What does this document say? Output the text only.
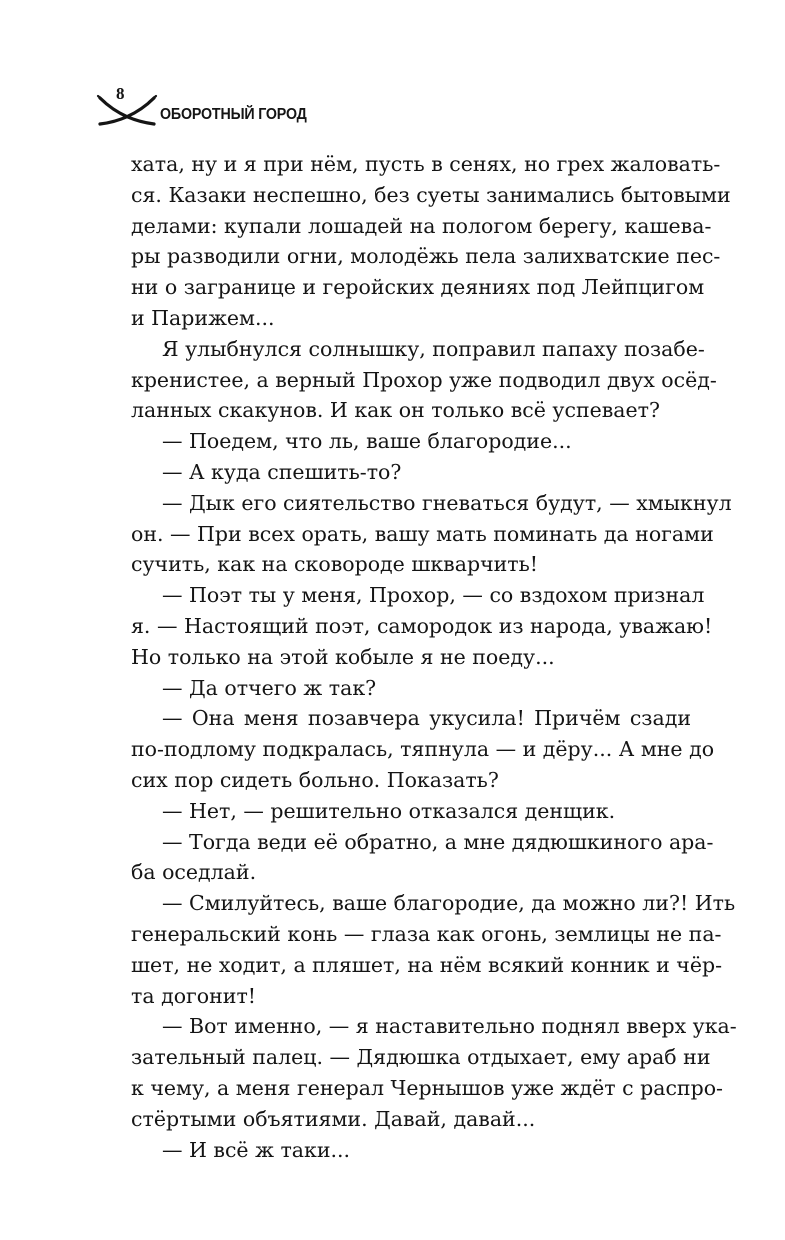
8
ОБОРОТНЫЙ ГОРОД
хата, ну и я при нём, пусть в сенях, но грех жаловать-
ся. Казаки неспешно, без суеты занимались бытовыми
делами: купали лошадей на пологом берегу, кашева-
ры разводили огни, молодёжь пела залихватские пес-
ни о загранице и геройских деяниях под Лейпцигом
и Парижем...
Я улыбнулся солнышку, поправил папаху позабе-
кренистее, а верный Прохор уже подводил двух осёд-
ланных скакунов. И как он только всё успевает?
— Поедем, что ль, ваше благородие...
— А куда спешить-то?
— Дык его сиятельство гневаться будут, — хмыкнул
он. — При всех орать, вашу мать поминать да ногами
сучить, как на сковороде шкварчить!
— Поэт ты у меня, Прохор, — со вздохом признал
я. — Настоящий поэт, самородок из народа, уважаю!
Но только на этой кобыле я не поеду...
— Да отчего ж так?
— Она меня позавчера укусила! Причём сзади
по-подлому подкралась, тяпнула — и дёру... А мне до
сих пор сидеть больно. Показать?
— Нет, — решительно отказался денщик.
— Тогда веди её обратно, а мне дядюшкиного ара-
ба оседлай.
— Смилуйтесь, ваше благородие, да можно ли?! Ить
генеральский конь — глаза как огонь, землицы не па-
шет, не ходит, а пляшет, на нём всякий конник и чёр-
та догонит!
— Вот именно, — я наставительно поднял вверх ука-
зательный палец. — Дядюшка отдыхает, ему араб ни
к чему, а меня генерал Чернышов уже ждёт с распро-
стёртыми объятиями. Давай, давай...
— И всё ж таки...
